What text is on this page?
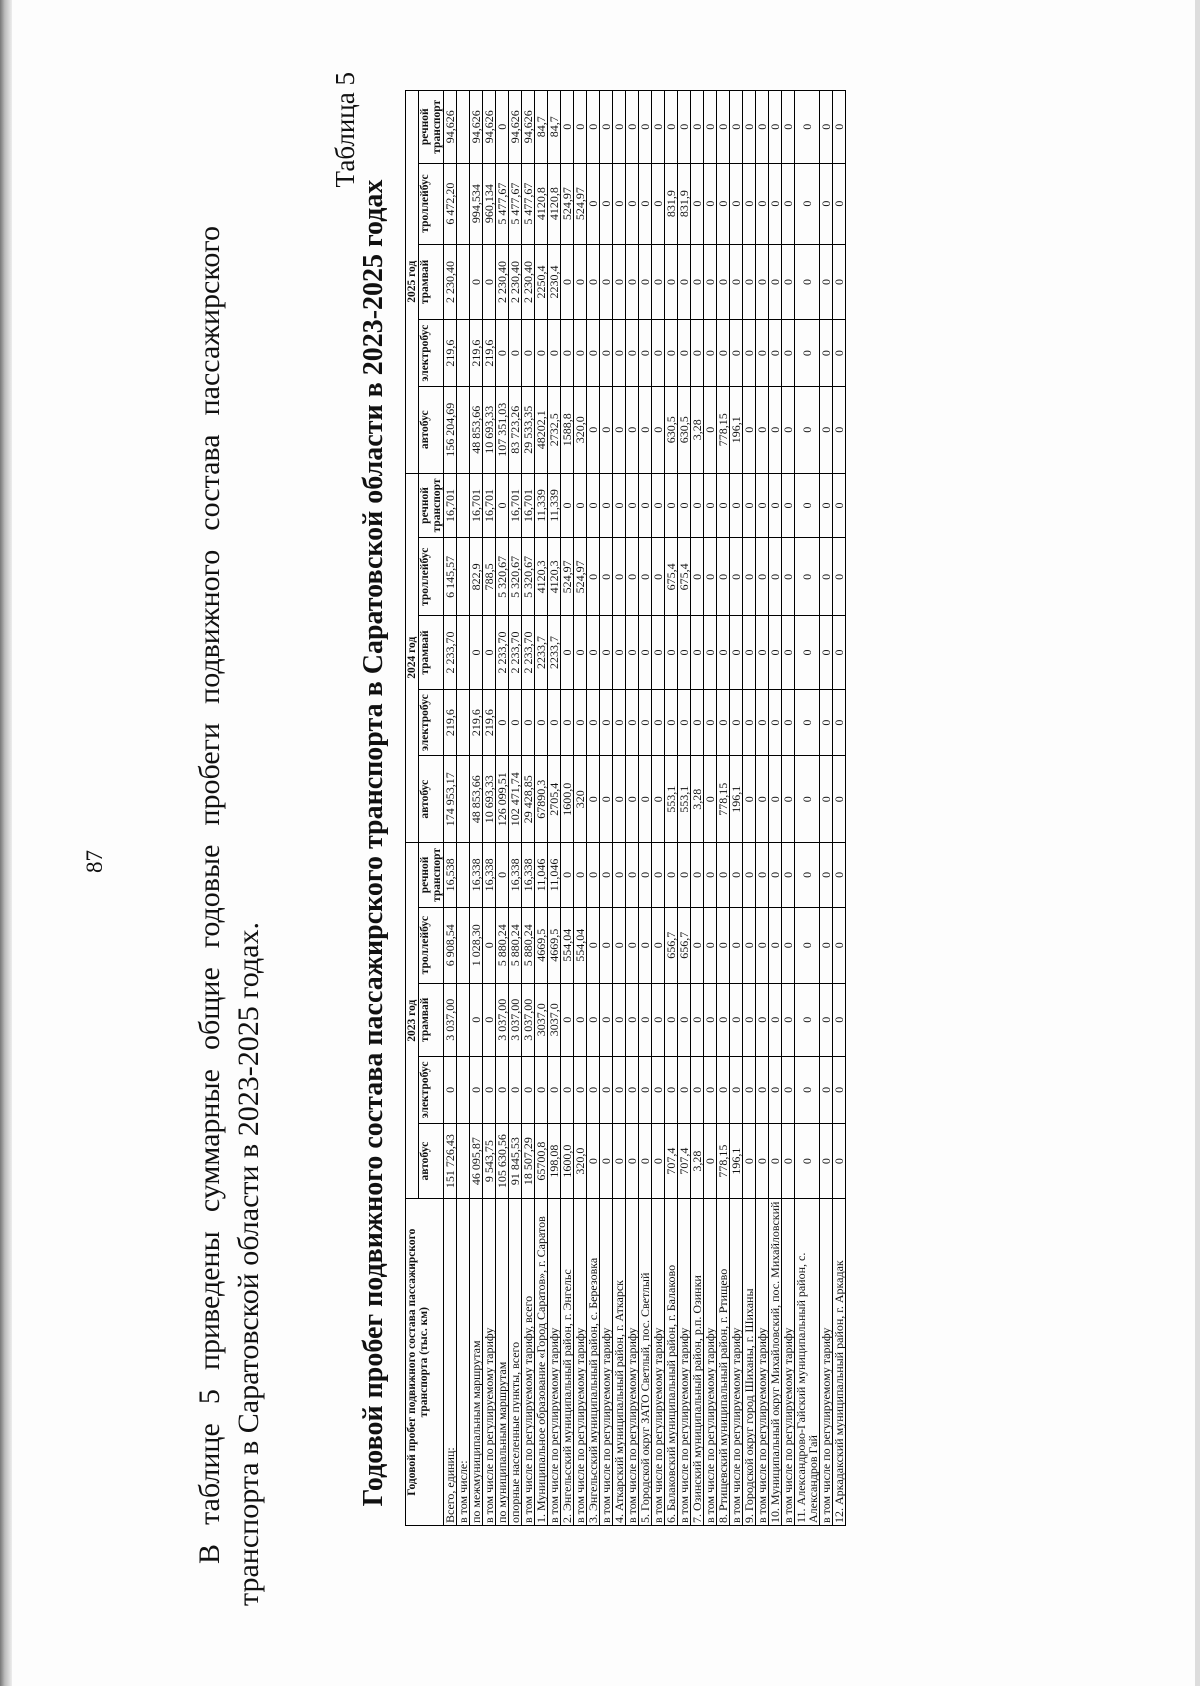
87	В таблице 5 приведены суммарные общие годовые пробеги подвижного состава пассажирского транспорта в Саратовской области в 2023-2025 годах.
Таблица 5
Годовой пробег подвижного состава пассажирского транспорта в Саратовской области в 2023-2025 годах Годовой пробег подвижного состава пассажирского транспорта (тыс. км)	2023 год					2024 год					2025 год				
	автобус	электробус	трамвай	троллейбус	речной транспорт	автобус	электробус	трамвай	троллейбус	речной транспорт	автобус	электробус	трамвай	троллейбус	речной транспорт
Всего, единиц:	151 726,43	0	3 037,00	6 908,54	16,538	174 953,17	219,6	2 233,70	6 145,57	16,701	156 204,69	219,6	2 230,40	6 472,20	94,626
в том числе:															
по межмуниципальным маршрутам	46 095,87	0	0	1 028,30	16,338	48 853,66	219,6	0	822,9	16,701	48 853,66	219,6	0	994,534	94,626
в том числе по регулируемому тарифу	9 543,75	0	0	0	16,338	10 693,33	219,6	0	788,5	16,701	10 693,33	219,6	0	960,134	94,626
по муниципальным маршрутам	105 630,56	0	3 037,00	5 880,24	0	126 099,51	0	2 233,70	5 320,67	0	107 351,03	0	2 230,40	5 477,67	0
опорные населенные пункты, всего	91 845,53	0	3 037,00	5 880,24	16,338	102 471,74	0	2 233,70	5 320,67	16,701	83 723,26	0	2 230,40	5 477,67	94,626
в том числе по регулируемому тарифу, всего	18 507,29	0	3 037,00	5 880,24	16,338	29 428,85	0	2 233,70	5 320,67	16,701	29 533,35	0	2 230,40	5 477,67	94,626
1. Муниципальное образование «Город Саратов», г. Саратов	65700,8	0	3037,0	4669,5	11,046	67890,3	0	2233,7	4120,3	11,339	48202,1	0	2250,4	4120,8	84,7
в том числе по регулируемому тарифу	198,08	0	3037,0	4669,5	11,046	2705,4	0	2233,7	4120,3	11,339	2732,5	0	2230,4	4120,8	84,7
2. Энгельсский муниципальный район, г. Энгельс	1600,0	0	0	554,04	0	1600,0	0	0	524,97	0	1588,8	0	0	524,97	0
в том числе по регулируемому тарифу	320,0	0	0	554,04	0	320	0	0	524,97	0	320,0	0	0	524,97	0
3. Энгельсский муниципальный район, с. Березовка	0	0	0	0	0	0	0	0	0	0	0	0	0	0	0
в том числе по регулируемому тарифу	0	0	0	0	0	0	0	0	0	0	0	0	0	0	0
4. Аткарский муниципальный район, г. Аткарск	0	0	0	0	0	0	0	0	0	0	0	0	0	0	0
в том числе по регулируемому тарифу	0	0	0	0	0	0	0	0	0	0	0	0	0	0	0
5. Городской округ ЗАТО Светлый, пос. Светлый	0	0	0	0	0	0	0	0	0	0	0	0	0	0	0
в том числе по регулируемому тарифу	0	0	0	0	0	0	0	0	0	0	0	0	0	0	0
6. Балаковский муниципальный район, г. Балаково	707,4	0	0	656,7	0	553,1	0	0	675,4	0	630,5	0	0	831,9	0
в том числе по регулируемому тарифу	707,4	0	0	656,7	0	553,1	0	0	675,4	0	630,5	0	0	831,9	0
7. Озинский муниципальный район, р.п. Озинки	3,28	0	0	0	0	3,28	0	0	0	0	3,28	0	0	0	0
в том числе по регулируемому тарифу	0	0	0	0	0	0	0	0	0	0	0	0	0	0	0
8. Ртищевский муниципальный район, г. Ртищево	778,15	0	0	0	0	778,15	0	0	0	0	778,15	0	0	0	0
в том числе по регулируемому тарифу	196,1	0	0	0	0	196,1	0	0	0	0	196,1	0	0	0	0
9. Городской округ город Шиханы, г. Шиханы	0	0	0	0	0	0	0	0	0	0	0	0	0	0	0
в том числе по регулируемому тарифу	0	0	0	0	0	0	0	0	0	0	0	0	0	0	0
10. Муниципальный округ Михайловский, пос. Михайловский	0	0	0	0	0	0	0	0	0	0	0	0	0	0	0
в том числе по регулируемому тарифу	0	0	0	0	0	0	0	0	0	0	0	0	0	0	0
11. Александрово-Гайский муниципальный район, с. Александров Гай	0	0	0	0	0	0	0	0	0	0	0	0	0	0	0
в том числе по регулируемому тарифу	0	0	0	0	0	0	0	0	0	0	0	0	0	0	0
12. Аркадакский муниципальный район, г. Аркадак	0	0	0	0	0	0	0	0	0	0	0	0	0	0	0
